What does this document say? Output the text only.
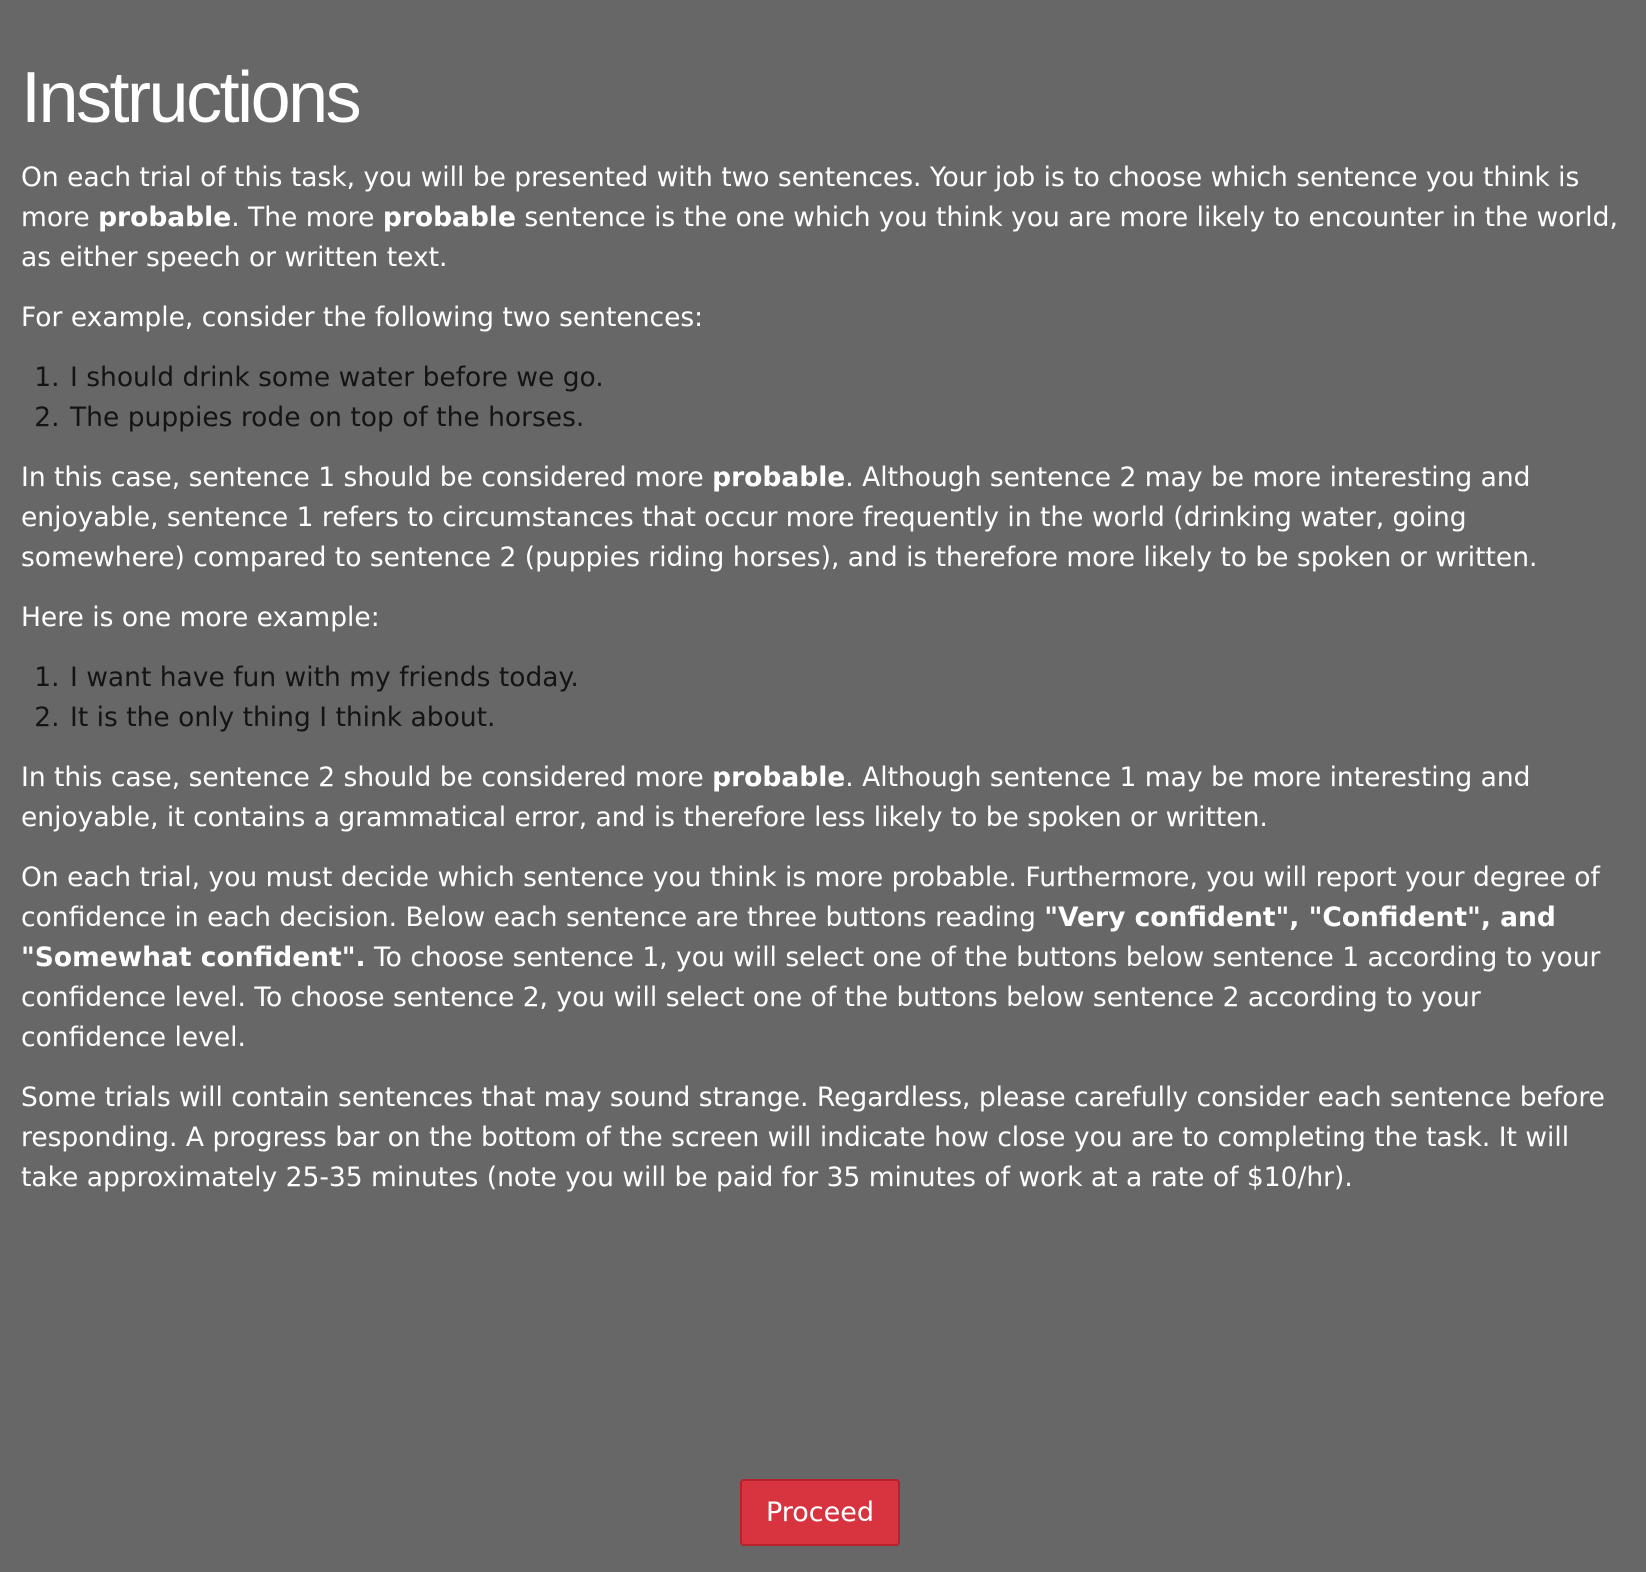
Instructions

On each trial of this task, you will be presented with two sentences. Your job is to choose which sentence you think is more probable. The more probable sentence is the one which you think you are more likely to encounter in the world, as either speech or written text.

For example, consider the following two sentences:

1. I should drink some water before we go.
2. The puppies rode on top of the horses.

In this case, sentence 1 should be considered more probable. Although sentence 2 may be more interesting and enjoyable, sentence 1 refers to circumstances that occur more frequently in the world (drinking water, going somewhere) compared to sentence 2 (puppies riding horses), and is therefore more likely to be spoken or written.

Here is one more example:

1. I want have fun with my friends today.
2. It is the only thing I think about.

In this case, sentence 2 should be considered more probable. Although sentence 1 may be more interesting and enjoyable, it contains a grammatical error, and is therefore less likely to be spoken or written.

On each trial, you must decide which sentence you think is more probable. Furthermore, you will report your degree of confidence in each decision. Below each sentence are three buttons reading "Very confident", "Confident", and "Somewhat confident". To choose sentence 1, you will select one of the buttons below sentence 1 according to your confidence level. To choose sentence 2, you will select one of the buttons below sentence 2 according to your confidence level.

Some trials will contain sentences that may sound strange. Regardless, please carefully consider each sentence before responding. A progress bar on the bottom of the screen will indicate how close you are to completing the task. It will take approximately 25-35 minutes (note you will be paid for 35 minutes of work at a rate of $10/hr).

Proceed
